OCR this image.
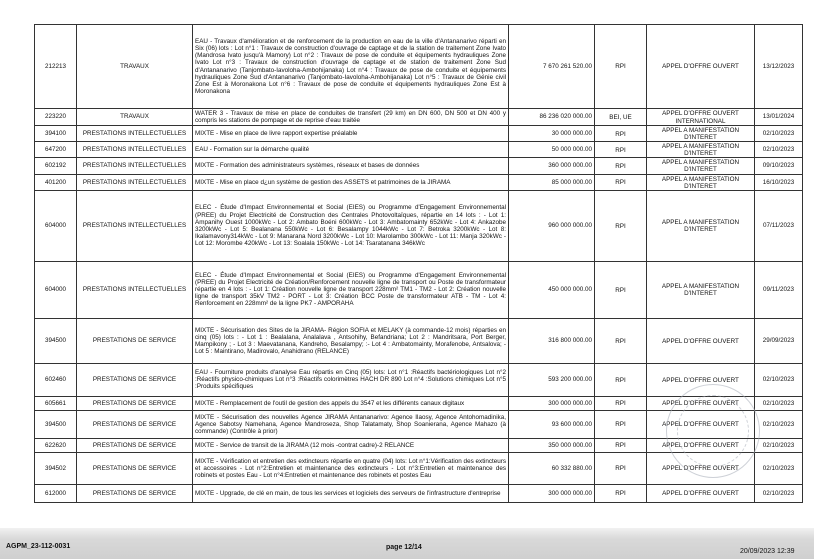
212213	TRAVAUX	EAU - Travaux d'amélioration et de renforcement de la production en eau de la ville d'Antananarivo réparti en Six (06) lots : Lot n°1 : Travaux de construction d'ouvrage de captage et de la station de traitement Zone Ivato (Mandrosa Ivato jusqu'à Mamory) Lot n°2 : Travaux de pose de conduite et équipements hydrauliques Zone Ivato Lot n°3 : Travaux de construction d'ouvrage de captage et de station de traitement Zone Sud d'Antananarivo (Tanjombato-Iavoloha-Ambohijanaka) Lot n°4 : Travaux de pose de conduite et équipements hydrauliques Zone Sud d'Antananarivo (Tanjombato-Iavoloha-Ambohijanaka) Lot n°5 : Travaux de Génie civil Zone Est à Moronakona Lot n°6 : Travaux de pose de conduite et équipements hydrauliques Zone Est à Moronakona	7 670 261 520.00	RPI	APPEL D'OFFRE OUVERT	13/12/2023
223220	TRAVAUX	WATER 3 - Travaux de mise en place de conduites de transfert (29 km) en DN 600, DN 500 et DN 400 y compris les stations de pompage et de reprise d'eau traitée	86 236 020 000.00	BEI, UE	APPEL D'OFFRE OUVERT INTERNATIONAL	13/01/2024
394100	PRESTATIONS INTELLECTUELLES	MIXTE - Mise en place de livre rapport expertise préalable	30 000 000.00	RPI	APPEL A MANIFESTATION D'INTERET	02/10/2023
647200	PRESTATIONS INTELLECTUELLES	EAU - Formation sur la démarche qualité	50 000 000.00	RPI	APPEL A MANIFESTATION D'INTERET	02/10/2023
602192	PRESTATIONS INTELLECTUELLES	MIXTE - Formation des administrateurs systèmes, réseaux et bases de données	360 000 000.00	RPI	APPEL A MANIFESTATION D'INTERET	09/10/2023
401200	PRESTATIONS INTELLECTUELLES	MIXTE - Mise en place d¿un système de gestion des ASSETS et patrimoines de la JIRAMA	85 000 000.00	RPI	APPEL A MANIFESTATION D'INTERET	16/10/2023
604000	PRESTATIONS INTELLECTUELLES	ELEC - Étude d'Impact Environnemental et Social (EIES) ou Programme d'Engagement Environnemental (PREE) du Projet Electricité de Construction des Centrales Photovoltaïques, répartie en 14 lots : - Lot 1: Ampanihy Ouest 1000kWc - Lot 2: Ambato Boéni 600kWc - Lot 3: Ambatomainty 652kWc - Lot 4: Ankazobe 3200kWc - Lot 5: Bealanana 550kWc - Lot 6: Besalampy 1044kWc - Lot 7: Betroka 3200kWc - Lot 8: Ikalamavony314kWc - Lot 9: Manarana Nord 3200kWc - Lot 10: Marolambo 300kWc - Lot 11: Manja 320kWc - Lot 12: Morombe 420kWc - Lot 13: Soalala 150kWc - Lot 14: Tsaratanana 346kWc	960 000 000.00	RPI	APPEL A MANIFESTATION D'INTERET	07/11/2023
604000	PRESTATIONS INTELLECTUELLES	ELEC - Étude d'Impact Environnemental et Social (EIES) ou Programme d'Engagement Environnemental (PREE) du Projet Electricité de Création/Renforcement nouvelle ligne de transport ou Poste de transformateur répartie en 4 lots : - Lot 1: Création nouvelle ligne de transport 228mm² TM1 - TM2 - Lot 2: Création nouvelle ligne de transport 35kV TM2 - PORT - Lot 3: Création BCC Poste de transformateur ATB - TM - Lot 4: Renforcement en 228mm² de la ligne PK7 - AMPORAHA	450 000 000.00	RPI	APPEL A MANIFESTATION D'INTERET	09/11/2023
394500	PRESTATIONS DE SERVICE	MIXTE - Sécurisation des Sites de la JIRAMA- Région SOFIA et MELAKY (à commande-12 mois) réparties en cinq (05) lots : - Lot 1 : Bealalana, Analalava , Antsohihy, Befandriana; Lot 2 : Mandritsara, Port Berger, Mampikony ; - Lot 3 : Maevatanana, Kandreho, Besalampy; :- Lot 4 : Ambatomainty, Morafenobe, Antsalova; - Lot 5 : Maintirano, Madirovalo, Anahidrano (RELANCE)	316 800 000.00	RPI	APPEL D'OFFRE OUVERT	29/09/2023
602460	PRESTATIONS DE SERVICE	EAU - Fourniture produits d'analyse Eau répartis en Cinq (05) lots: Lot n°1 :Réactifs bactériologiques Lot n°2 :Réactifs physico-chimiques Lot n°3 :Réactifs colorimètres HACH DR 890 Lot n°4 :Solutions chimiques Lot n°5 :Produits spécifiques	593 200 000.00	RPI	APPEL D'OFFRE OUVERT	02/10/2023
605661	PRESTATIONS DE SERVICE	MIXTE - Remplacement de l'outil de gestion des appels du 3547 et les différents canaux digitaux	300 000 000.00	RPI	APPEL D'OFFRE OUVERT	02/10/2023
394500	PRESTATIONS DE SERVICE	MIXTE - Sécurisation des nouvelles Agence JIRAMA Antananarivo: Agence Ilaosy, Agence Antohomadinika, Agence Sabotsy Namehana, Agence Mandroseza, Shop Talatamaty, Shop Soanierana, Agence Mahazo (à commande) (Contrôle à prior)	93 600 000.00	RPI	APPEL D'OFFRE OUVERT	02/10/2023
622620	PRESTATIONS DE SERVICE	MIXTE - Service de transit de la JIRAMA (12 mois -contrat cadre)-2 RELANCE	350 000 000.00	RPI	APPEL D'OFFRE OUVERT	02/10/2023
394502	PRESTATIONS DE SERVICE	MIXTE - Vérification et entretien des extincteurs répartie en quatre (04) lots: Lot n°1:Vérification des extincteurs et accessoires - Lot n°2:Entretien et maintenance des extincteurs - Lot n°3:Entretien et maintenance des robinets et postes Eau - Lot n°4:Entretien et maintenance des robinets et postes Eau	60 332 880.00	RPI	APPEL D'OFFRE OUVERT	02/10/2023
612000	PRESTATIONS DE SERVICE	MIXTE - Upgrade, de clé en main, de tous les services et logiciels des serveurs de l'infrastructure d'entreprise	300 000 000.00	RPI	APPEL D'OFFRE OUVERT	02/10/2023
AGPM_23-112-0031	page 12/14
20/09/2023 12:39
